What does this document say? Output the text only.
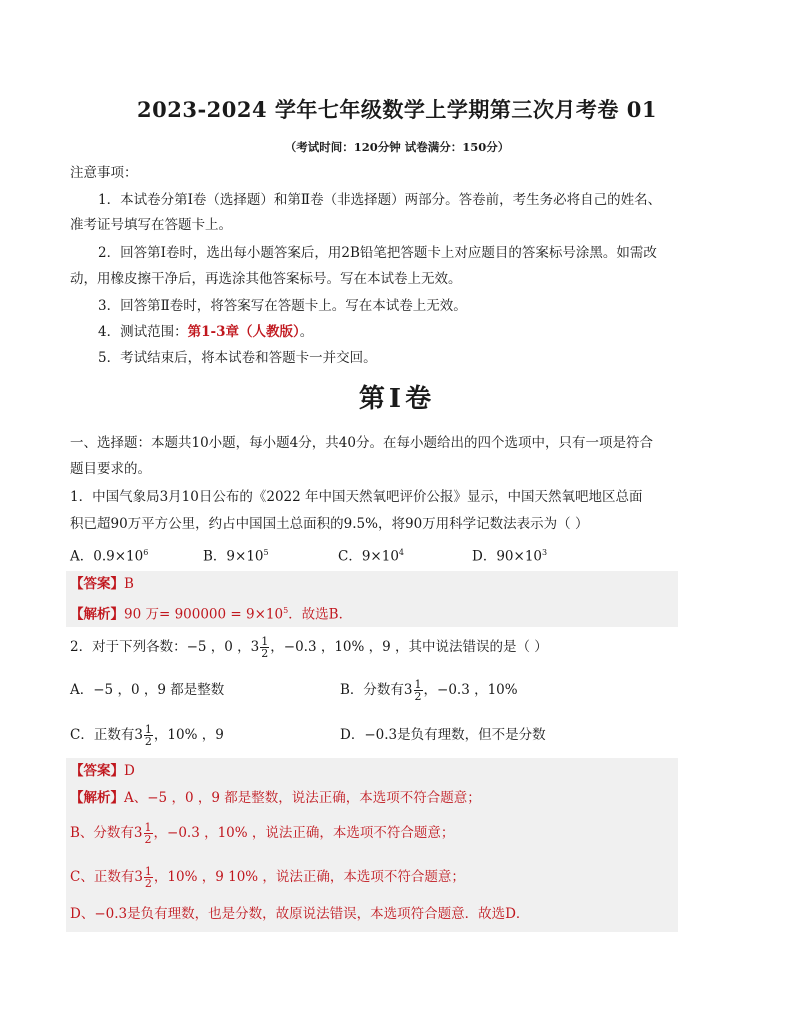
2023-2024 学年七年级数学上学期第三次月考卷 01
（考试时间：120分钟 试卷满分：150分）
注意事项：
1．本试卷分第Ⅰ卷（选择题）和第Ⅱ卷（非选择题）两部分。答卷前，考生务必将自己的姓名、
准考证号填写在答题卡上。
2．回答第Ⅰ卷时，选出每小题答案后，用2B铅笔把答题卡上对应题目的答案标号涂黑。如需改
动，用橡皮擦干净后，再选涂其他答案标号。写在本试卷上无效。
3．回答第Ⅱ卷时，将答案写在答题卡上。写在本试卷上无效。
4．测试范围：第1-3章（人教版）。
5．考试结束后，将本试卷和答题卡一并交回。
第Ⅰ卷
一、选择题：本题共10小题，每小题4分，共40分。在每小题给出的四个选项中，只有一项是符合
题目要求的。
1．中国气象局3月10日公布的《2022 年中国天然氧吧评价公报》显示，中国天然氧吧地区总面
积已超90万平方公里，约占中国国土总面积的9.5%，将90万用科学记数法表示为（ ）
A．$0.9\times 10^6$	B．$9\times 10^5$	C．$9\times 10^4$	D．$90\times 10^3$
【答案】B
【解析】90 万= $900000 = 9\times 10^5$．故选B．
2．对于下列各数：−5 ，0 ，$3 \frac{1}{2}$ ，−0.3 ，10% ，9 ，其中说法错误的是（ ）
A．−5 ，0 ，9 都是整数	B．分数有$3 \frac{1}{2}$ ，−0.3 ，10%
C．正数有$3 \frac{1}{2}$ ，10% ，9	D．−0.3是负有理数，但不是分数
【答案】D
【解析】A、−5 ，0 ，9 都是整数，说法正确，本选项不符合题意；
B、分数有$3 \frac{1}{2}$ ，−0.3 ，10% ，说法正确，本选项不符合题意；
C、正数有$3 \frac{1}{2}$ ，10% ，9 10% ，说法正确，本选项不符合题意；
D、−0.3是负有理数，也是分数，故原说法错误，本选项符合题意．故选D．
